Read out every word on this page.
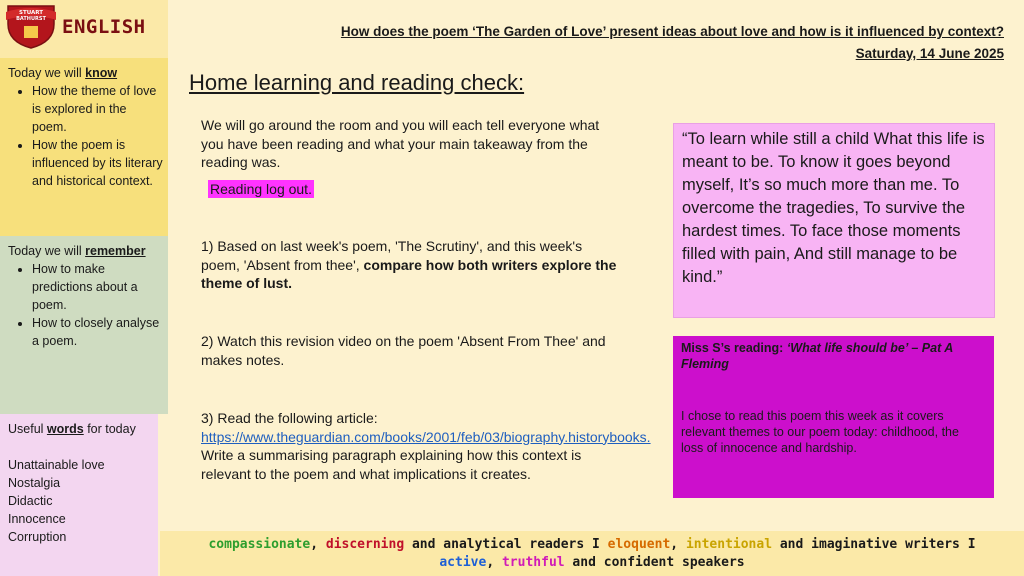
STUART
BATHURST ENGLISH
Today we will know
• How the theme of love is explored in the poem.
• How the poem is influenced by its literary and historical context.
Today we will remember
• How to make predictions about a poem.
• How to closely analyse a poem.
Useful words for today
Unattainable love
Nostalgia
Didactic
Innocence
Corruption
How does the poem ‘The Garden of Love’ present ideas about love and how is it influenced by context?
Saturday, 14 June 2025
Home learning and reading check:
We will go around the room and you will each tell everyone what you have been reading and what your main takeaway from the reading was.
Reading log out.
1) Based on last week's poem, 'The Scrutiny', and this week's poem, 'Absent from thee', compare how both writers explore the theme of lust.
2) Watch this revision video on the poem 'Absent From Thee' and makes notes.
3) Read the following article: https://www.theguardian.com/books/2001/feb/03/biography.historybooks. Write a summarising paragraph explaining how this context is relevant to the poem and what implications it creates.
“To learn while still a child What this life is meant to be. To know it goes beyond myself, It’s so much more than me. To overcome the tragedies, To survive the hardest times. To face those moments filled with pain, And still manage to be kind.”
Miss S’s reading: ‘What life should be’ – Pat A Fleming
I chose to read this poem this week as it covers relevant themes to our poem today: childhood, the loss of innocence and hardship.
compassionate, discerning and analytical readers I eloquent, intentional and imaginative writers I
active, truthful and confident speakers
